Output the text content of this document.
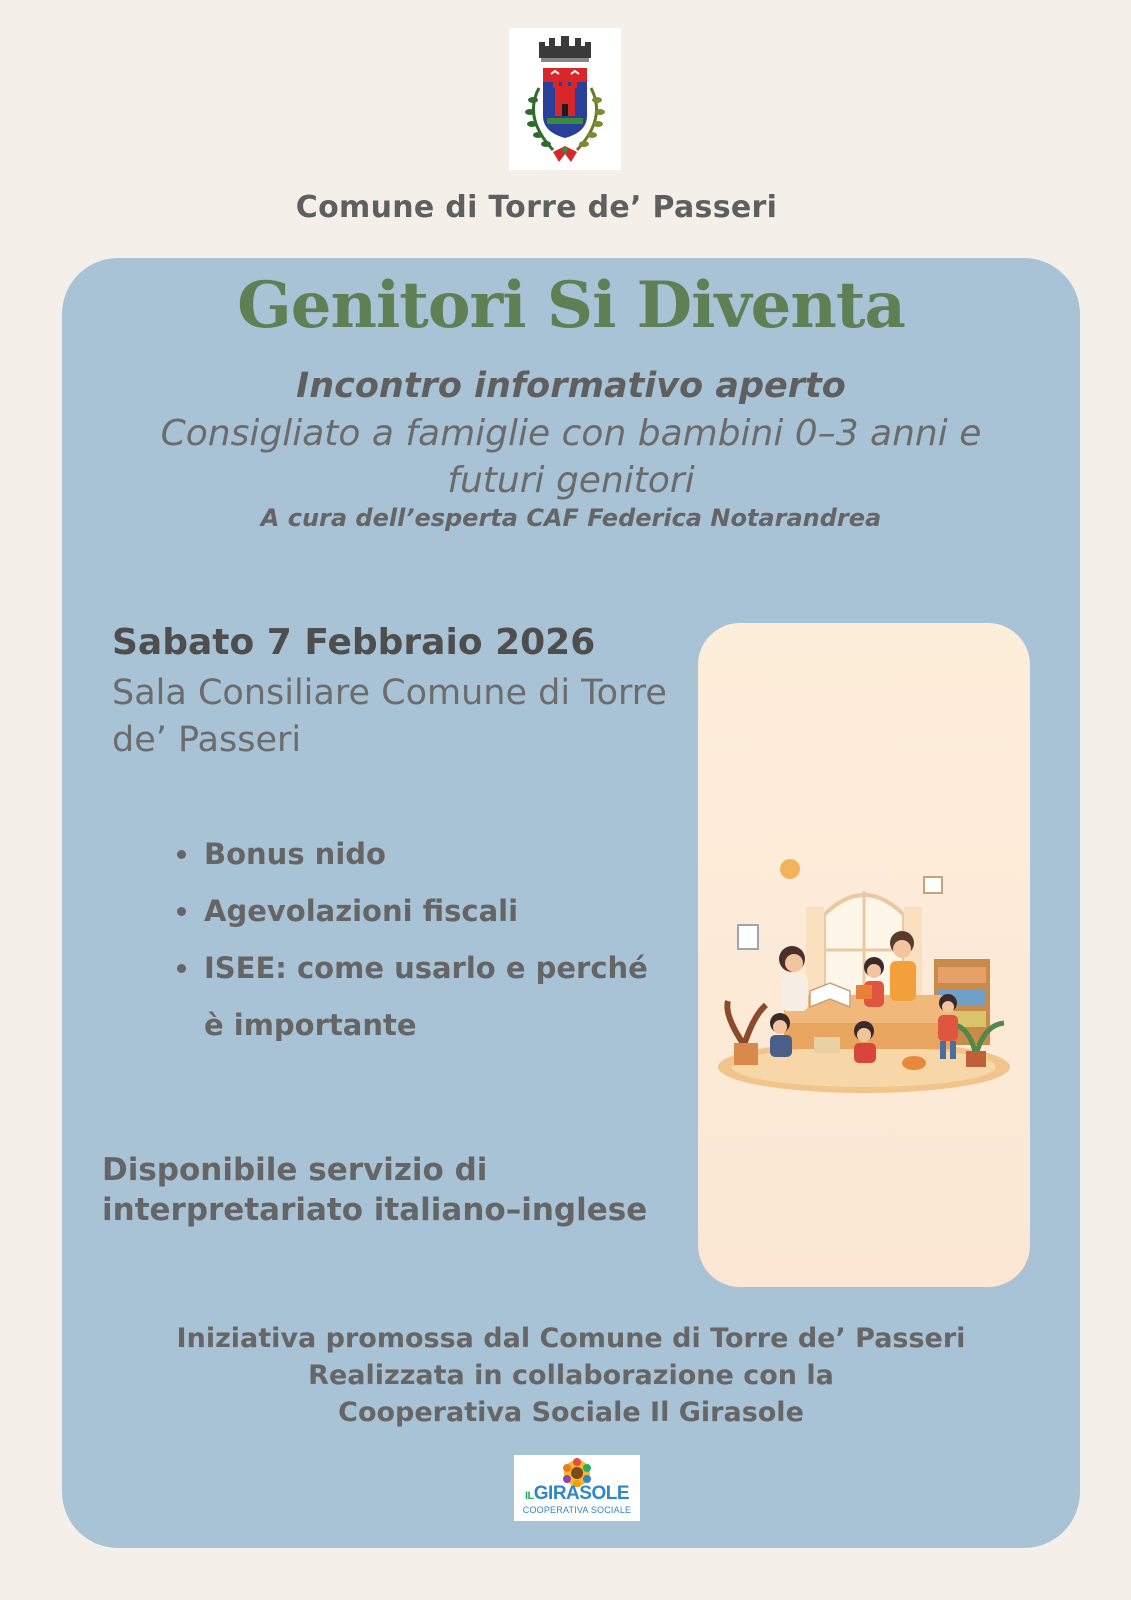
Comune di Torre de’ Passeri
Genitori Si Diventa
Incontro informativo aperto
Consigliato a famiglie con bambini 0–3 anni e futuri genitori
A cura dell’esperta CAF Federica Notarandrea
Sabato 7 Febbraio 2026
Sala Consiliare Comune di Torre de’ Passeri
• Bonus nido
• Agevolazioni fiscali
• ISEE: come usarlo e perché è importante
Disponibile servizio di interpretariato italiano–inglese
Iniziativa promossa dal Comune di Torre de’ Passeri
Realizzata in collaborazione con la
Cooperativa Sociale Il Girasole
ILGIRASOLE
COOPERATIVA SOCIALE
